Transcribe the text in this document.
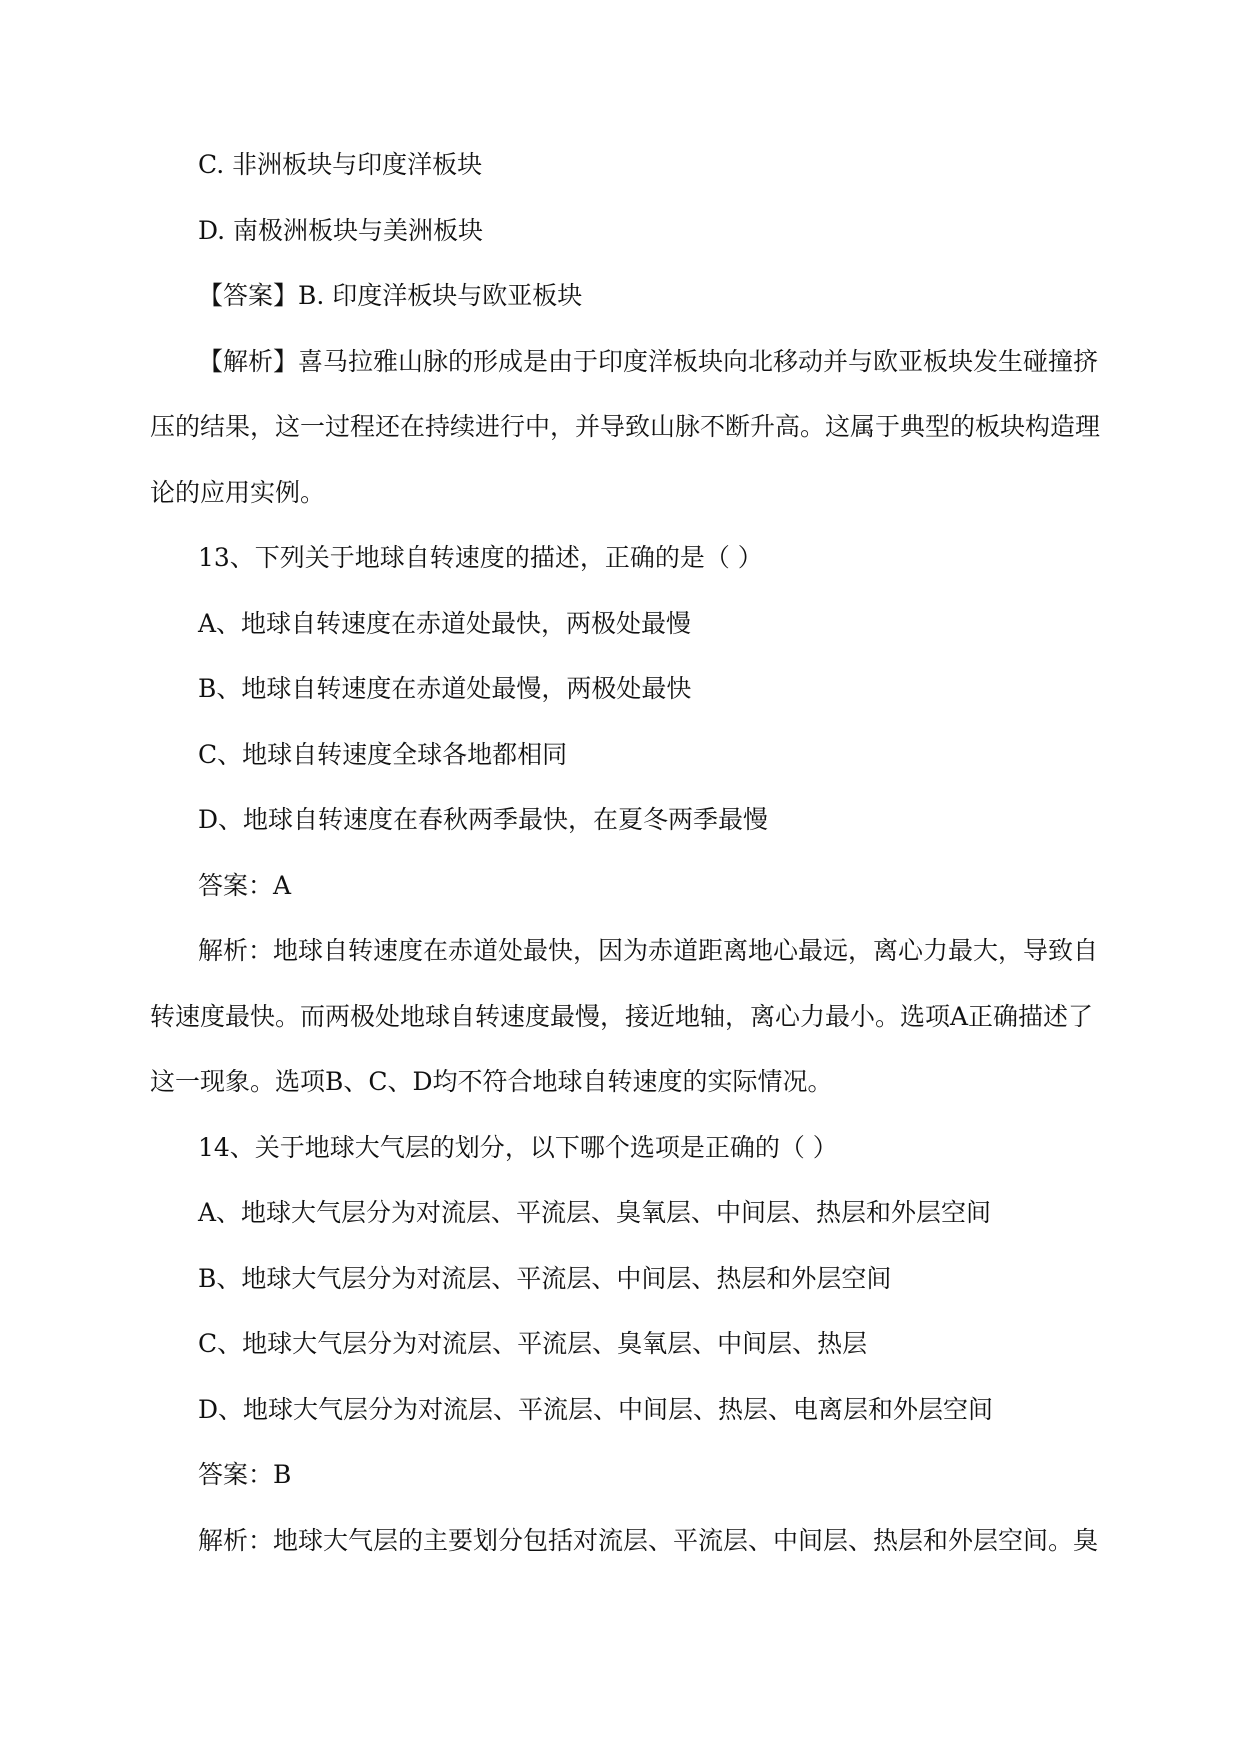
C. 非洲板块与印度洋板块
D. 南极洲板块与美洲板块
【答案】B. 印度洋板块与欧亚板块
【解析】喜马拉雅山脉的形成是由于印度洋板块向北移动并与欧亚板块发生碰撞挤
压的结果，这一过程还在持续进行中，并导致山脉不断升高。这属于典型的板块构造理
论的应用实例。
13、下列关于地球自转速度的描述，正确的是（ ）
A、地球自转速度在赤道处最快，两极处最慢
B、地球自转速度在赤道处最慢，两极处最快
C、地球自转速度全球各地都相同
D、地球自转速度在春秋两季最快，在夏冬两季最慢
答案：A
解析：地球自转速度在赤道处最快，因为赤道距离地心最远，离心力最大，导致自
转速度最快。而两极处地球自转速度最慢，接近地轴，离心力最小。选项A正确描述了
这一现象。选项B、C、D均不符合地球自转速度的实际情况。
14、关于地球大气层的划分，以下哪个选项是正确的（ ）
A、地球大气层分为对流层、平流层、臭氧层、中间层、热层和外层空间
B、地球大气层分为对流层、平流层、中间层、热层和外层空间
C、地球大气层分为对流层、平流层、臭氧层、中间层、热层
D、地球大气层分为对流层、平流层、中间层、热层、电离层和外层空间
答案：B
解析：地球大气层的主要划分包括对流层、平流层、中间层、热层和外层空间。臭
